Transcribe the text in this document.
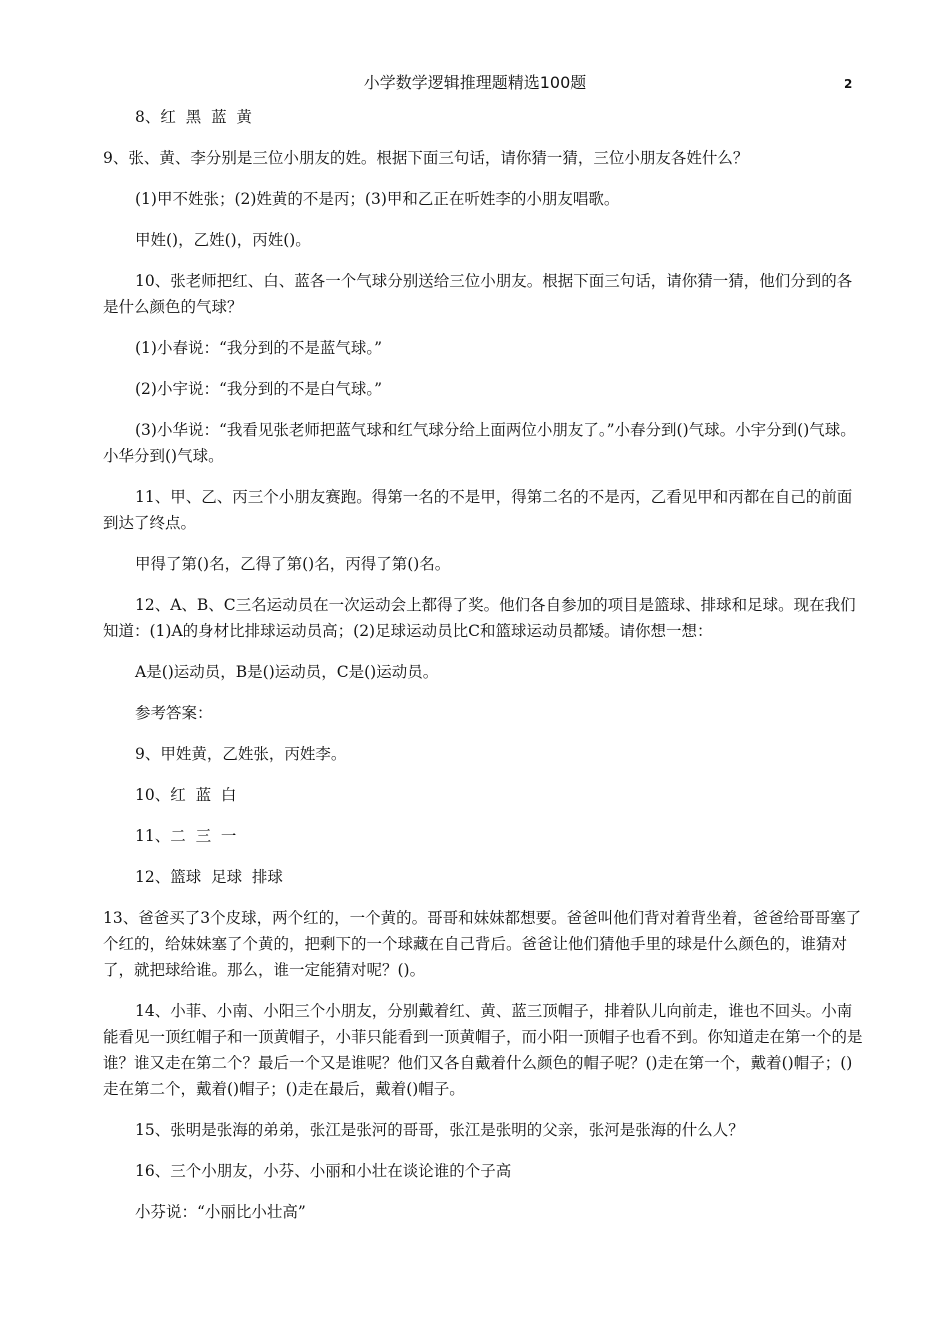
小学数学逻辑推理题精选100题	2

8、红  黑  蓝  黄

9、张、黄、李分别是三位小朋友的姓。根据下面三句话，请你猜一猜，三位小朋友各姓什么？

(1)甲不姓张；(2)姓黄的不是丙；(3)甲和乙正在听姓李的小朋友唱歌。

甲姓()，乙姓()，丙姓()。

10、张老师把红、白、蓝各一个气球分别送给三位小朋友。根据下面三句话，请你猜一猜，他们分到的各是什么颜色的气球？

(1)小春说：“我分到的不是蓝气球。”

(2)小宇说：“我分到的不是白气球。”

(3)小华说：“我看见张老师把蓝气球和红气球分给上面两位小朋友了。”小春分到()气球。小宇分到()气球。小华分到()气球。

11、甲、乙、丙三个小朋友赛跑。得第一名的不是甲，得第二名的不是丙，乙看见甲和丙都在自己的前面到达了终点。

甲得了第()名，乙得了第()名，丙得了第()名。

12、A、B、C三名运动员在一次运动会上都得了奖。他们各自参加的项目是篮球、排球和足球。现在我们知道：(1)A的身材比排球运动员高；(2)足球运动员比C和篮球运动员都矮。请你想一想：

A是()运动员，B是()运动员，C是()运动员。

参考答案：

9、甲姓黄，乙姓张，丙姓李。

10、红  蓝  白

11、二  三  一

12、篮球  足球  排球

13、爸爸买了3个皮球，两个红的，一个黄的。哥哥和妹妹都想要。爸爸叫他们背对着背坐着，爸爸给哥哥塞了个红的，给妹妹塞了个黄的，把剩下的一个球藏在自己背后。爸爸让他们猜他手里的球是什么颜色的，谁猜对了，就把球给谁。那么，谁一定能猜对呢？()。

14、小菲、小南、小阳三个小朋友，分别戴着红、黄、蓝三顶帽子，排着队儿向前走，谁也不回头。小南能看见一顶红帽子和一顶黄帽子，小菲只能看到一顶黄帽子，而小阳一顶帽子也看不到。你知道走在第一个的是谁？谁又走在第二个？最后一个又是谁呢？他们又各自戴着什么颜色的帽子呢？()走在第一个，戴着()帽子；()走在第二个，戴着()帽子；()走在最后，戴着()帽子。

15、张明是张海的弟弟，张江是张河的哥哥，张江是张明的父亲，张河是张海的什么人？

16、三个小朋友，小芬、小丽和小壮在谈论谁的个子高

小芬说：“小丽比小壮高”
